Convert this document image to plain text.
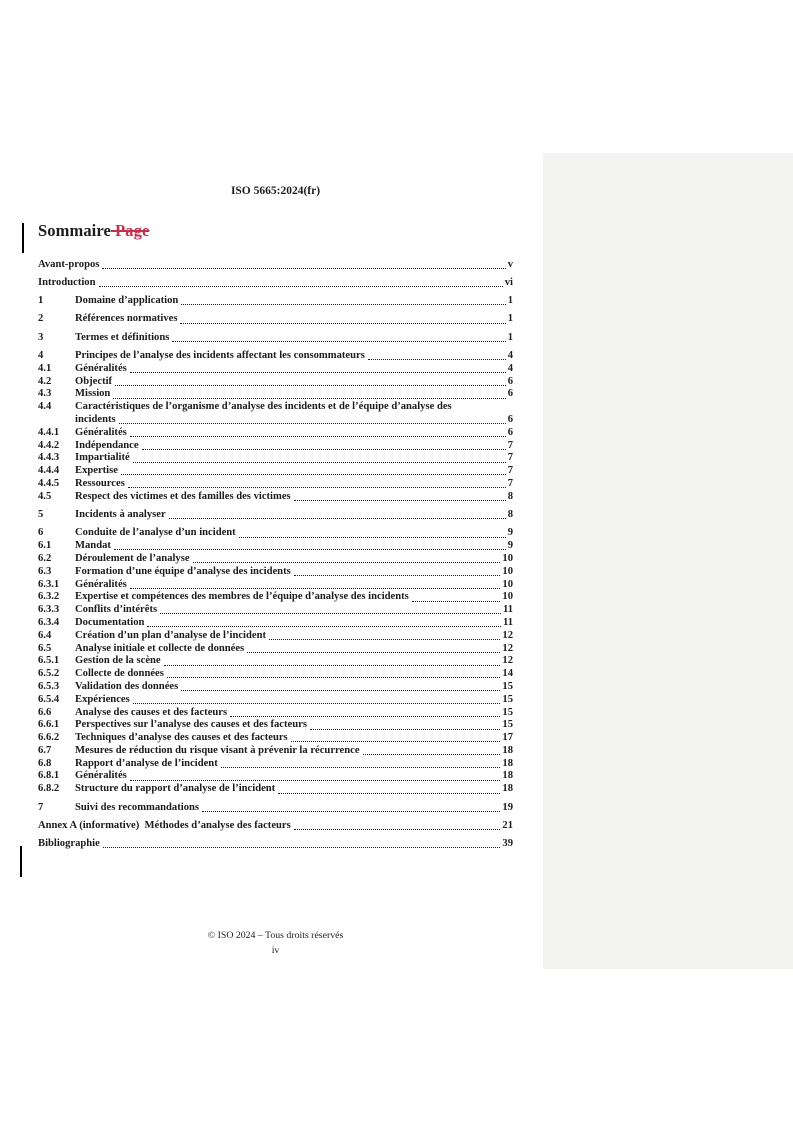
ISO 5665:2024(fr)
Sommaire Page
Avant-propos	v
Introduction	vi
1	Domaine d’application	1
2	Références normatives	1
3	Termes et définitions	1
4	Principes de l’analyse des incidents affectant les consommateurs	4
4.1	Généralités	4
4.2	Objectif	6
4.3	Mission	6
4.4	Caractéristiques de l’organisme d’analyse des incidents et de l’équipe d’analyse des
incidents	6
4.4.1	Généralités	6
4.4.2	Indépendance	7
4.4.3	Impartialité	7
4.4.4	Expertise	7
4.4.5	Ressources	7
4.5	Respect des victimes et des familles des victimes	8
5	Incidents à analyser	8
6	Conduite de l’analyse d’un incident	9
6.1	Mandat	9
6.2	Déroulement de l’analyse	10
6.3	Formation d’une équipe d’analyse des incidents	10
6.3.1	Généralités	10
6.3.2	Expertise et compétences des membres de l’équipe d’analyse des incidents	10
6.3.3	Conflits d’intérêts	11
6.3.4	Documentation	11
6.4	Création d’un plan d’analyse de l’incident	12
6.5	Analyse initiale et collecte de données	12
6.5.1	Gestion de la scène	12
6.5.2	Collecte de données	14
6.5.3	Validation des données	15
6.5.4	Expériences	15
6.6	Analyse des causes et des facteurs	15
6.6.1	Perspectives sur l’analyse des causes et des facteurs	15
6.6.2	Techniques d’analyse des causes et des facteurs	17
6.7	Mesures de réduction du risque visant à prévenir la récurrence	18
6.8	Rapport d’analyse de l’incident	18
6.8.1	Généralités	18
6.8.2	Structure du rapport d’analyse de l’incident	18
7	Suivi des recommandations	19
Annex A (informative)  Méthodes d’analyse des facteurs	21
Bibliographie	39
© ISO 2024 – Tous droits réservés
iv
